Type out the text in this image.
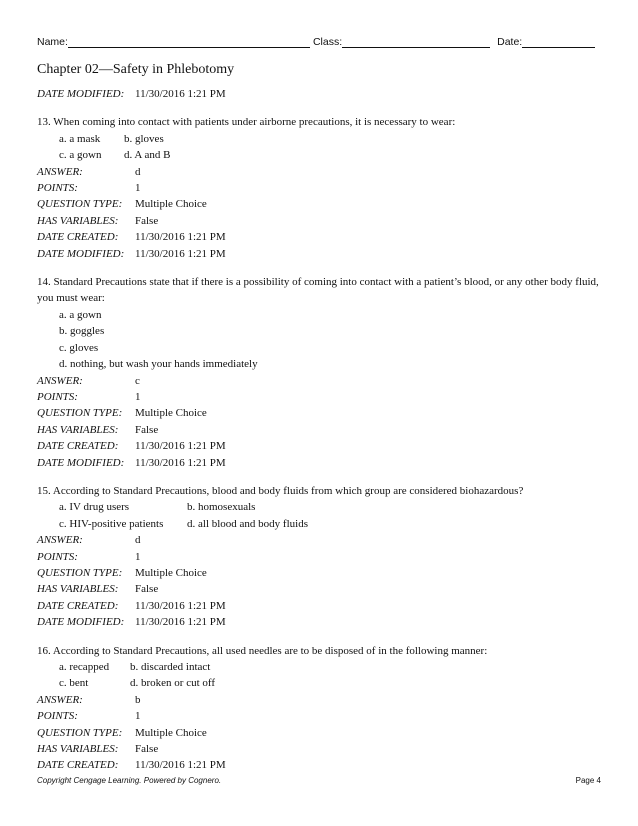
Name:	Class:	Date:
Chapter 02—Safety in Phlebotomy
DATE MODIFIED: 11/30/2016 1:21 PM
13. When coming into contact with patients under airborne precautions, it is necessary to wear:
a. a mask b. gloves
c. a gown d. A and B
ANSWER:	d
POINTS:	1
QUESTION TYPE:	Multiple Choice
HAS VARIABLES:	False
DATE CREATED:	11/30/2016 1:21 PM
DATE MODIFIED: 11/30/2016 1:21 PM
14. Standard Precautions state that if there is a possibility of coming into contact with a patient’s blood, or any other body fluid, you must wear:
a. a gown
b. goggles
c. gloves
d. nothing, but wash your hands immediately
ANSWER:	c
POINTS:	1
QUESTION TYPE:	Multiple Choice
HAS VARIABLES:	False
DATE CREATED:	11/30/2016 1:21 PM
DATE MODIFIED: 11/30/2016 1:21 PM
15. According to Standard Precautions, blood and body fluids from which group are considered biohazardous?
a. IV drug users	b. homosexuals
c. HIV-positive patients d. all blood and body fluids
ANSWER:	d
POINTS:	1
QUESTION TYPE:	Multiple Choice
HAS VARIABLES:	False
DATE CREATED:	11/30/2016 1:21 PM
DATE MODIFIED: 11/30/2016 1:21 PM
16. According to Standard Precautions, all used needles are to be disposed of in the following manner:
a. recapped b. discarded intact
c. bent	d. broken or cut off
ANSWER:	b
POINTS:	1
QUESTION TYPE:	Multiple Choice
HAS VARIABLES:	False
DATE CREATED:	11/30/2016 1:21 PM
Copyright Cengage Learning. Powered by Cognero.	Page 4
